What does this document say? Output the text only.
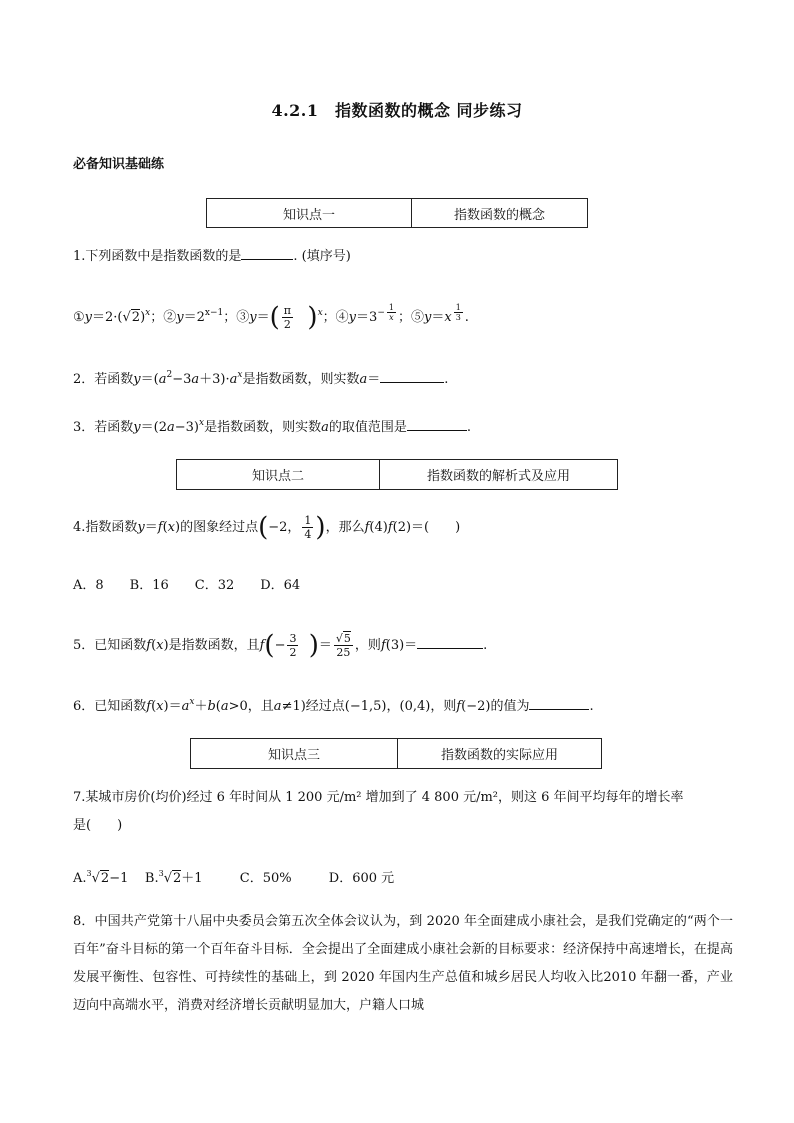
4.2.1　指数函数的概念 同步练习
必备知识基础练
知识点一	指数函数的概念
1.下列函数中是指数函数的是	. (填序号)
$①y=2\cdot(√2)^x$；$②y=2^{x-1}$；③y＝( $\frac{\pi}{2} )^x$；$④y=3^{- \frac{1}{x}}$ ；⑤y＝x $^{\frac{1}{3}}$ .
2．若函数$y=(a^2-3a+3)\cdot a^x$是指数函数，则实数a＝	.
3．若函数$y=(2a-3)^x$是指数函数，则实数a的取值范围是	.
知识点二	指数函数的解析式及应用
4.指数函数y＝f(x)的图象经过点(−2， $\frac{1}{4}$ )，那么f(4)f(2)＝(　　)
A．8　　B．16　　C．32　　D．64
5．已知函数f(x)是指数函数，且$f(- \frac{3}{2}$ )＝ $\frac{√5}{25}$ ，则f(3)＝	.
6．已知函数$f(x)=a^x+b(a>0$，且a≠1)经过点(−1,5)，(0,4)，则f(−2)的值为	.
知识点三	指数函数的实际应用
7.某城市房价(均价)经过 6 年时间从 1 200 元/m² 增加到了 4 800 元/m²，则这 6 年间平均每年的增长率
是(　　)
A.$^3$√2−1 B.$^3$√2＋1	C．50%	D．600 元
8．中国共产党第十八届中央委员会第五次全体会议认为，到 2020 年全面建成小康社会，是我们党确定的“两个一百年”奋斗目标的第一个百年奋斗目标．全会提出了全面建成小康社会新的目标要求：经济保持中高速增长，在提高发展平衡性、包容性、可持续性的基础上，到 2020 年国内生产总值和城乡居民人均收入比2010 年翻一番，产业迈向中高端水平，消费对经济增长贡献明显加大，户籍人口城
